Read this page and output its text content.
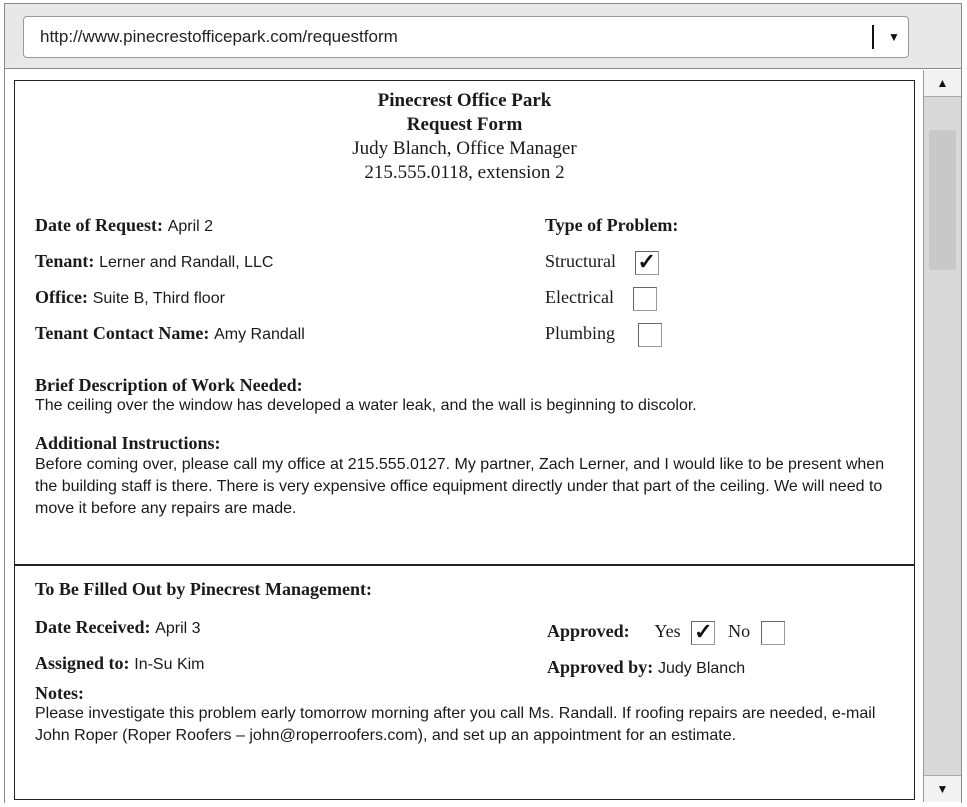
http://www.pinecrestofficepark.com/requestform	▼
▲
▼
Pinecrest Office Park
Request Form
Judy Blanch, Office Manager
215.555.0118, extension 2
Date of Request: April 2
Tenant: Lerner and Randall, LLC
Office: Suite B, Third floor
Tenant Contact Name: Amy Randall
Type of Problem:
Structural ✓
Electrical
Plumbing
Brief Description of Work Needed:
The ceiling over the window has developed a water leak, and the wall is beginning to discolor.
Additional Instructions:
Before coming over, please call my office at 215.555.0127. My partner, Zach Lerner, and I would like to be present when the building staff is there. There is very expensive office equipment directly under that part of the ceiling. We will need to move it before any repairs are made.
To Be Filled Out by Pinecrest Management:
Date Received: April 3
Assigned to: In-Su Kim
Approved: Yes ✓ No
Approved by: Judy Blanch
Notes:
Please investigate this problem early tomorrow morning after you call Ms. Randall. If roofing repairs are needed, e-mail John Roper (Roper Roofers – john@roperroofers.com), and set up an appointment for an estimate.
